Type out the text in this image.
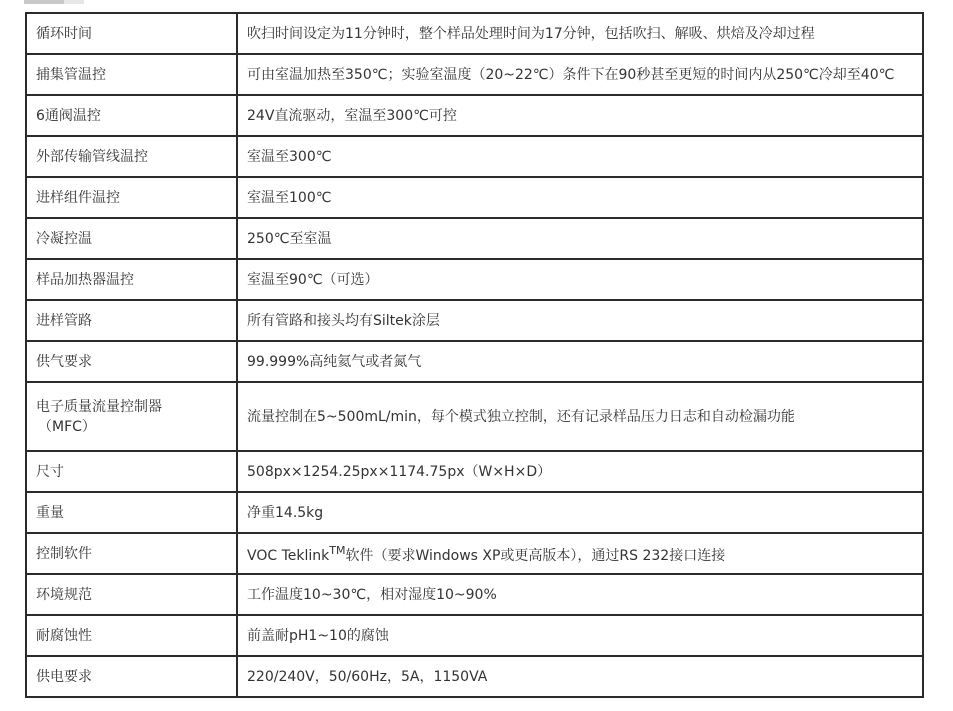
循环时间	吹扫时间设定为11分钟时，整个样品处理时间为17分钟，包括吹扫、解吸、烘焙及冷却过程
捕集管温控	可由室温加热至350℃；实验室温度（20~22℃）条件下在90秒甚至更短的时间内从250℃冷却至40℃
6通阀温控	24V直流驱动，室温至300℃可控
外部传输管线温控	室温至300℃
进样组件温控	室温至100℃
冷凝控温	250℃至室温
样品加热器温控	室温至90℃（可选）
进样管路	所有管路和接头均有Siltek涂层
供气要求	99.999%高纯氦气或者氮气

电子质量流量控制器
（MFC）	流量控制在5~500mL/min，每个模式独立控制，还有记录样品压力日志和自动检漏功能
尺寸	508px×1254.25px×1174.75px（W×H×D）
重量	净重14.5kg
控制软件	VOC Teklink™软件（要求Windows XP或更高版本），通过RS 232接口连接
环境规范	工作温度10~30℃，相对湿度10~90%
耐腐蚀性	前盖耐pH1~10的腐蚀
供电要求	220/240V，50/60Hz，5A，1150VA
